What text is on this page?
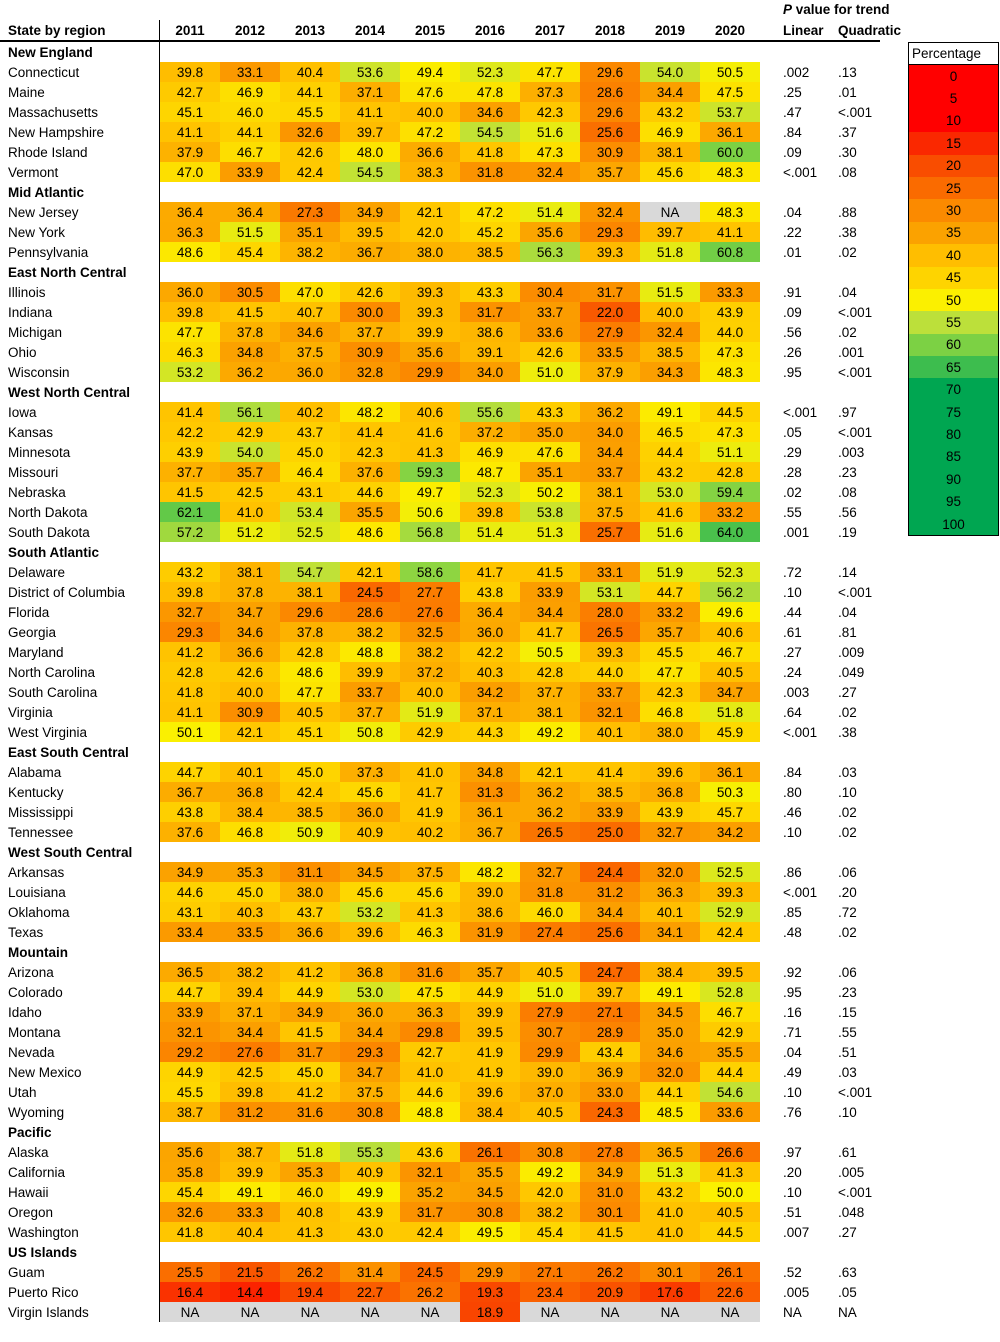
P value for trend
State by region	2011	2012	2013	2014	2015	2016	2017	2018	2019	2020	Linear	Quadratic
New England
Connecticut	39.8	33.1	40.4	53.6	49.4	52.3	47.7	29.6	54.0	50.5	.002	.13
Maine	42.7	46.9	44.1	37.1	47.6	47.8	37.3	28.6	34.4	47.5	.25	.01
Massachusetts	45.1	46.0	45.5	41.1	40.0	34.6	42.3	29.6	43.2	53.7	.47	<.001
New Hampshire	41.1	44.1	32.6	39.7	47.2	54.5	51.6	25.6	46.9	36.1	.84	.37
Rhode Island	37.9	46.7	42.6	48.0	36.6	41.8	47.3	30.9	38.1	60.0	.09	.30
Vermont	47.0	33.9	42.4	54.5	38.3	31.8	32.4	35.7	45.6	48.3	<.001	.08
Mid Atlantic
New Jersey	36.4	36.4	27.3	34.9	42.1	47.2	51.4	32.4	NA	48.3	.04	.88
New York	36.3	51.5	35.1	39.5	42.0	45.2	35.6	29.3	39.7	41.1	.22	.38
Pennsylvania	48.6	45.4	38.2	36.7	38.0	38.5	56.3	39.3	51.8	60.8	.01	.02
East North Central
Illinois	36.0	30.5	47.0	42.6	39.3	43.3	30.4	31.7	51.5	33.3	.91	.04
Indiana	39.8	41.5	40.7	30.0	39.3	31.7	33.7	22.0	40.0	43.9	.09	<.001
Michigan	47.7	37.8	34.6	37.7	39.9	38.6	33.6	27.9	32.4	44.0	.56	.02
Ohio	46.3	34.8	37.5	30.9	35.6	39.1	42.6	33.5	38.5	47.3	.26	.001
Wisconsin	53.2	36.2	36.0	32.8	29.9	34.0	51.0	37.9	34.3	48.3	.95	<.001
West North Central
Iowa	41.4	56.1	40.2	48.2	40.6	55.6	43.3	36.2	49.1	44.5	<.001	.97
Kansas	42.2	42.9	43.7	41.4	41.6	37.2	35.0	34.0	46.5	47.3	.05	<.001
Minnesota	43.9	54.0	45.0	42.3	41.3	46.9	47.6	34.4	44.4	51.1	.29	.003
Missouri	37.7	35.7	46.4	37.6	59.3	48.7	35.1	33.7	43.2	42.8	.28	.23
Nebraska	41.5	42.5	43.1	44.6	49.7	52.3	50.2	38.1	53.0	59.4	.02	.08
North Dakota	62.1	41.0	53.4	35.5	50.6	39.8	53.8	37.5	41.6	33.2	.55	.56
South Dakota	57.2	51.2	52.5	48.6	56.8	51.4	51.3	25.7	51.6	64.0	.001	.19
South Atlantic
Delaware	43.2	38.1	54.7	42.1	58.6	41.7	41.5	33.1	51.9	52.3	.72	.14
District of Columbia	39.8	37.8	38.1	24.5	27.7	43.8	33.9	53.1	44.7	56.2	.10	<.001
Florida	32.7	34.7	29.6	28.6	27.6	36.4	34.4	28.0	33.2	49.6	.44	.04
Georgia	29.3	34.6	37.8	38.2	32.5	36.0	41.7	26.5	35.7	40.6	.61	.81
Maryland	41.2	36.6	42.8	48.8	38.2	42.2	50.5	39.3	45.5	46.7	.27	.009
North Carolina	42.8	42.6	48.6	39.9	37.2	40.3	42.8	44.0	47.7	40.5	.24	.049
South Carolina	41.8	40.0	47.7	33.7	40.0	34.2	37.7	33.7	42.3	34.7	.003	.27
Virginia	41.1	30.9	40.5	37.7	51.9	37.1	38.1	32.1	46.8	51.8	.64	.02
West Virginia	50.1	42.1	45.1	50.8	42.9	44.3	49.2	40.1	38.0	45.9	<.001	.38
East South Central
Alabama	44.7	40.1	45.0	37.3	41.0	34.8	42.1	41.4	39.6	36.1	.84	.03
Kentucky	36.7	36.8	42.4	45.6	41.7	31.3	36.2	38.5	36.8	50.3	.80	.10
Mississippi	43.8	38.4	38.5	36.0	41.9	36.1	36.2	33.9	43.9	45.7	.46	.02
Tennessee	37.6	46.8	50.9	40.9	40.2	36.7	26.5	25.0	32.7	34.2	.10	.02
West South Central
Arkansas	34.9	35.3	31.1	34.5	37.5	48.2	32.7	24.4	32.0	52.5	.86	.06
Louisiana	44.6	45.0	38.0	45.6	45.6	39.0	31.8	31.2	36.3	39.3	<.001	.20
Oklahoma	43.1	40.3	43.7	53.2	41.3	38.6	46.0	34.4	40.1	52.9	.85	.72
Texas	33.4	33.5	36.6	39.6	46.3	31.9	27.4	25.6	34.1	42.4	.48	.02
Mountain
Arizona	36.5	38.2	41.2	36.8	31.6	35.7	40.5	24.7	38.4	39.5	.92	.06
Colorado	44.7	39.4	44.9	53.0	47.5	44.9	51.0	39.7	49.1	52.8	.95	.23
Idaho	33.9	37.1	34.9	36.0	36.3	39.9	27.9	27.1	34.5	46.7	.16	.15
Montana	32.1	34.4	41.5	34.4	29.8	39.5	30.7	28.9	35.0	42.9	.71	.55
Nevada	29.2	27.6	31.7	29.3	42.7	41.9	29.9	43.4	34.6	35.5	.04	.51
New Mexico	44.9	42.5	45.0	34.7	41.0	41.9	39.0	36.9	32.0	44.4	.49	.03
Utah	45.5	39.8	41.2	37.5	44.6	39.6	37.0	33.0	44.1	54.6	.10	<.001
Wyoming	38.7	31.2	31.6	30.8	48.8	38.4	40.5	24.3	48.5	33.6	.76	.10
Pacific
Alaska	35.6	38.7	51.8	55.3	43.6	26.1	30.8	27.8	36.5	26.6	.97	.61
California	35.8	39.9	35.3	40.9	32.1	35.5	49.2	34.9	51.3	41.3	.20	.005
Hawaii	45.4	49.1	46.0	49.9	35.2	34.5	42.0	31.0	43.2	50.0	.10	<.001
Oregon	32.6	33.3	40.8	43.9	31.7	30.8	38.2	30.1	41.0	40.5	.51	.048
Washington	41.8	40.4	41.3	43.0	42.4	49.5	45.4	41.5	41.0	44.5	.007	.27
US Islands
Guam	25.5	21.5	26.2	31.4	24.5	29.9	27.1	26.2	30.1	26.1	.52	.63
Puerto Rico	16.4	14.4	19.4	22.7	26.2	19.3	23.4	20.9	17.6	22.6	.005	.05
Virgin Islands	NA	NA	NA	NA	NA	18.9	NA	NA	NA	NA	NA	NA
Percentage
0
5
10
15
20
25
30
35
40
45
50
55
60
65
70
75
80
85
90
95
100
